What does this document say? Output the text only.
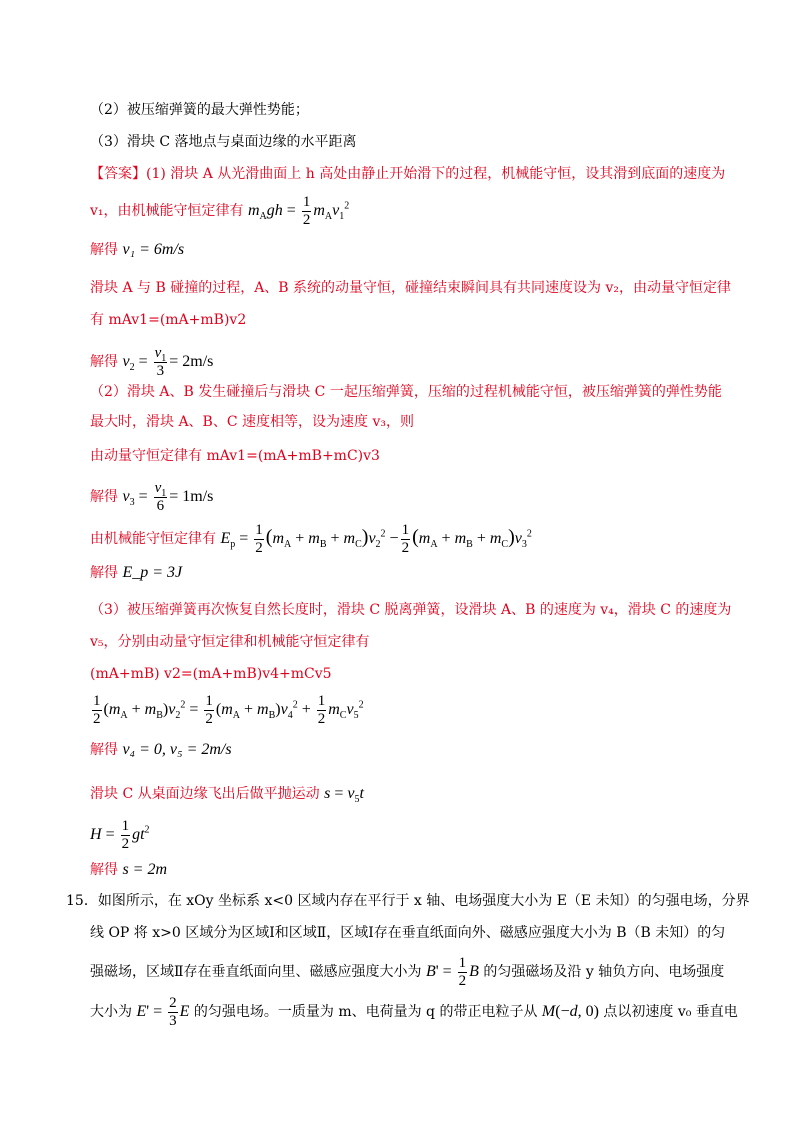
（2）被压缩弹簧的最大弹性势能；
（3）滑块 C 落地点与桌面边缘的水平距离
【答案】(1) 滑块 A 从光滑曲面上 h 高处由静止开始滑下的过程，机械能守恒，设其滑到底面的速度为
v₁，由机械能守恒定律有 $m_Agh = \frac{1}{2} m_Av_1^2$
解得 v₁ = 6m/s
滑块 A 与 B 碰撞的过程，A、B 系统的动量守恒，碰撞结束瞬间具有共同速度设为 v₂，由动量守恒定律
有 mAv1=(mA+mB)v2
解得 $v_2 = \frac{v_1}{3} = 2m/s$
（2）滑块 A、B 发生碰撞后与滑块 C 一起压缩弹簧，压缩的过程机械能守恒，被压缩弹簧的弹性势能
最大时，滑块 A、B、C 速度相等，设为速度 v₃，则
由动量守恒定律有 mAv1=(mA+mB+mC)v3
解得 $v_3 = \frac{v_1}{6} = 1m/s$
由机械能守恒定律有 $E_p = \frac{1}{2} (m_A + m_B + m_C)v_2^2 - \frac{1}{2} (m_A + m_B + m_C)v_3^2$
解得 E_p = 3J
（3）被压缩弹簧再次恢复自然长度时，滑块 C 脱离弹簧，设滑块 A、B 的速度为 v₄，滑块 C 的速度为
v₅，分别由动量守恒定律和机械能守恒定律有
(mA+mB) v2=(mA+mB)v4+mCv5
$\frac{1}{2} (m_A + m_B)v_2^2 = \frac{1}{2} (m_A + m_B)v_4^2 + \frac{1}{2} m_Cv_5^2$
解得 v₄ = 0, v₅ = 2m/s
滑块 C 从桌面边缘飞出后做平抛运动 $s = v_5t$
$H = \frac{1}{2} gt^2$
解得 s = 2m
15．如图所示，在 xOy 坐标系 x<0 区域内存在平行于 x 轴、电场强度大小为 E（E 未知）的匀强电场，分界
线 OP 将 x>0 区域分为区域Ⅰ和区域Ⅱ，区域Ⅰ存在垂直纸面向外、磁感应强度大小为 B（B 未知）的匀
强磁场，区域Ⅱ存在垂直纸面向里、磁感应强度大小为 $B' = \frac{1}{2}$ B 的匀强磁场及沿 y 轴负方向、电场强度
大小为 $E' = \frac{2}{3}$ E 的匀强电场。一质量为 m、电荷量为 q 的带正电粒子从 M(−d, 0) 点以初速度 v₀ 垂直电
